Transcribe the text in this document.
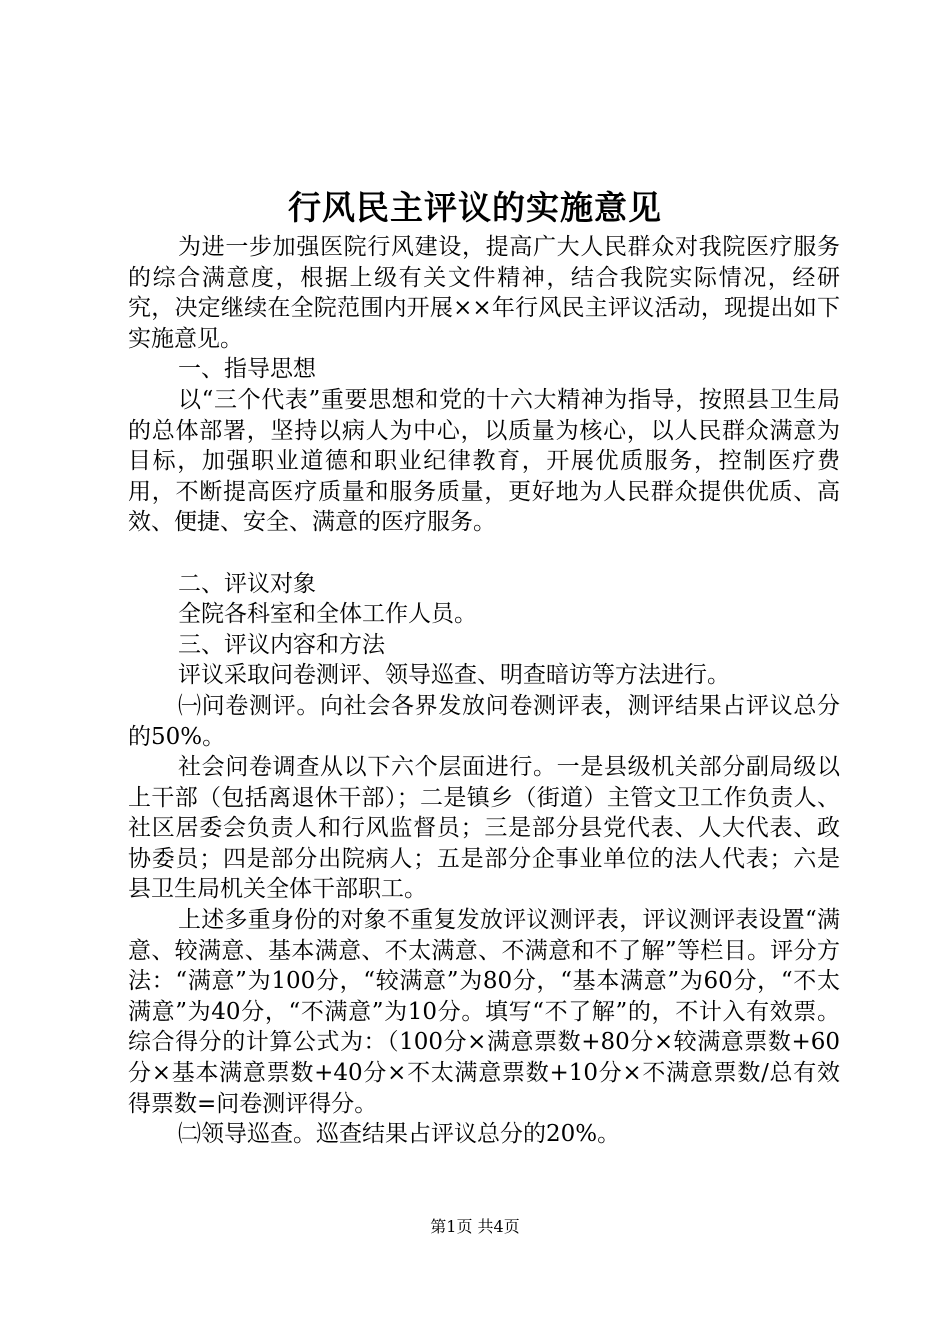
行风民主评议的实施意见

为进一步加强医院行风建设，提高广大人民群众对我院医疗服务的综合满意度，根据上级有关文件精神，结合我院实际情况，经研究，决定继续在全院范围内开展××年行风民主评议活动，现提出如下实施意见。

一、指导思想

以“三个代表”重要思想和党的十六大精神为指导，按照县卫生局的总体部署，坚持以病人为中心，以质量为核心，以人民群众满意为目标，加强职业道德和职业纪律教育，开展优质服务，控制医疗费用，不断提高医疗质量和服务质量，更好地为人民群众提供优质、高效、便捷、安全、满意的医疗服务。

二、评议对象

全院各科室和全体工作人员。

三、评议内容和方法

评议采取问卷测评、领导巡查、明查暗访等方法进行。

㈠问卷测评。向社会各界发放问卷测评表，测评结果占评议总分的50%。

社会问卷调查从以下六个层面进行。一是县级机关部分副局级以上干部（包括离退休干部）；二是镇乡（街道）主管文卫工作负责人、社区居委会负责人和行风监督员；三是部分县党代表、人大代表、政协委员；四是部分出院病人；五是部分企事业单位的法人代表；六是县卫生局机关全体干部职工。

上述多重身份的对象不重复发放评议测评表，评议测评表设置“满意、较满意、基本满意、不太满意、不满意和不了解”等栏目。评分方法：“满意”为100分，“较满意”为80分，“基本满意”为60分，“不太满意”为40分，“不满意”为10分。填写“不了解”的，不计入有效票。综合得分的计算公式为：（100分×满意票数+80分×较满意票数+60分×基本满意票数+40分×不太满意票数+10分×不满意票数/总有效得票数=问卷测评得分。

㈡领导巡查。巡查结果占评议总分的20%。

第1页 共4页
